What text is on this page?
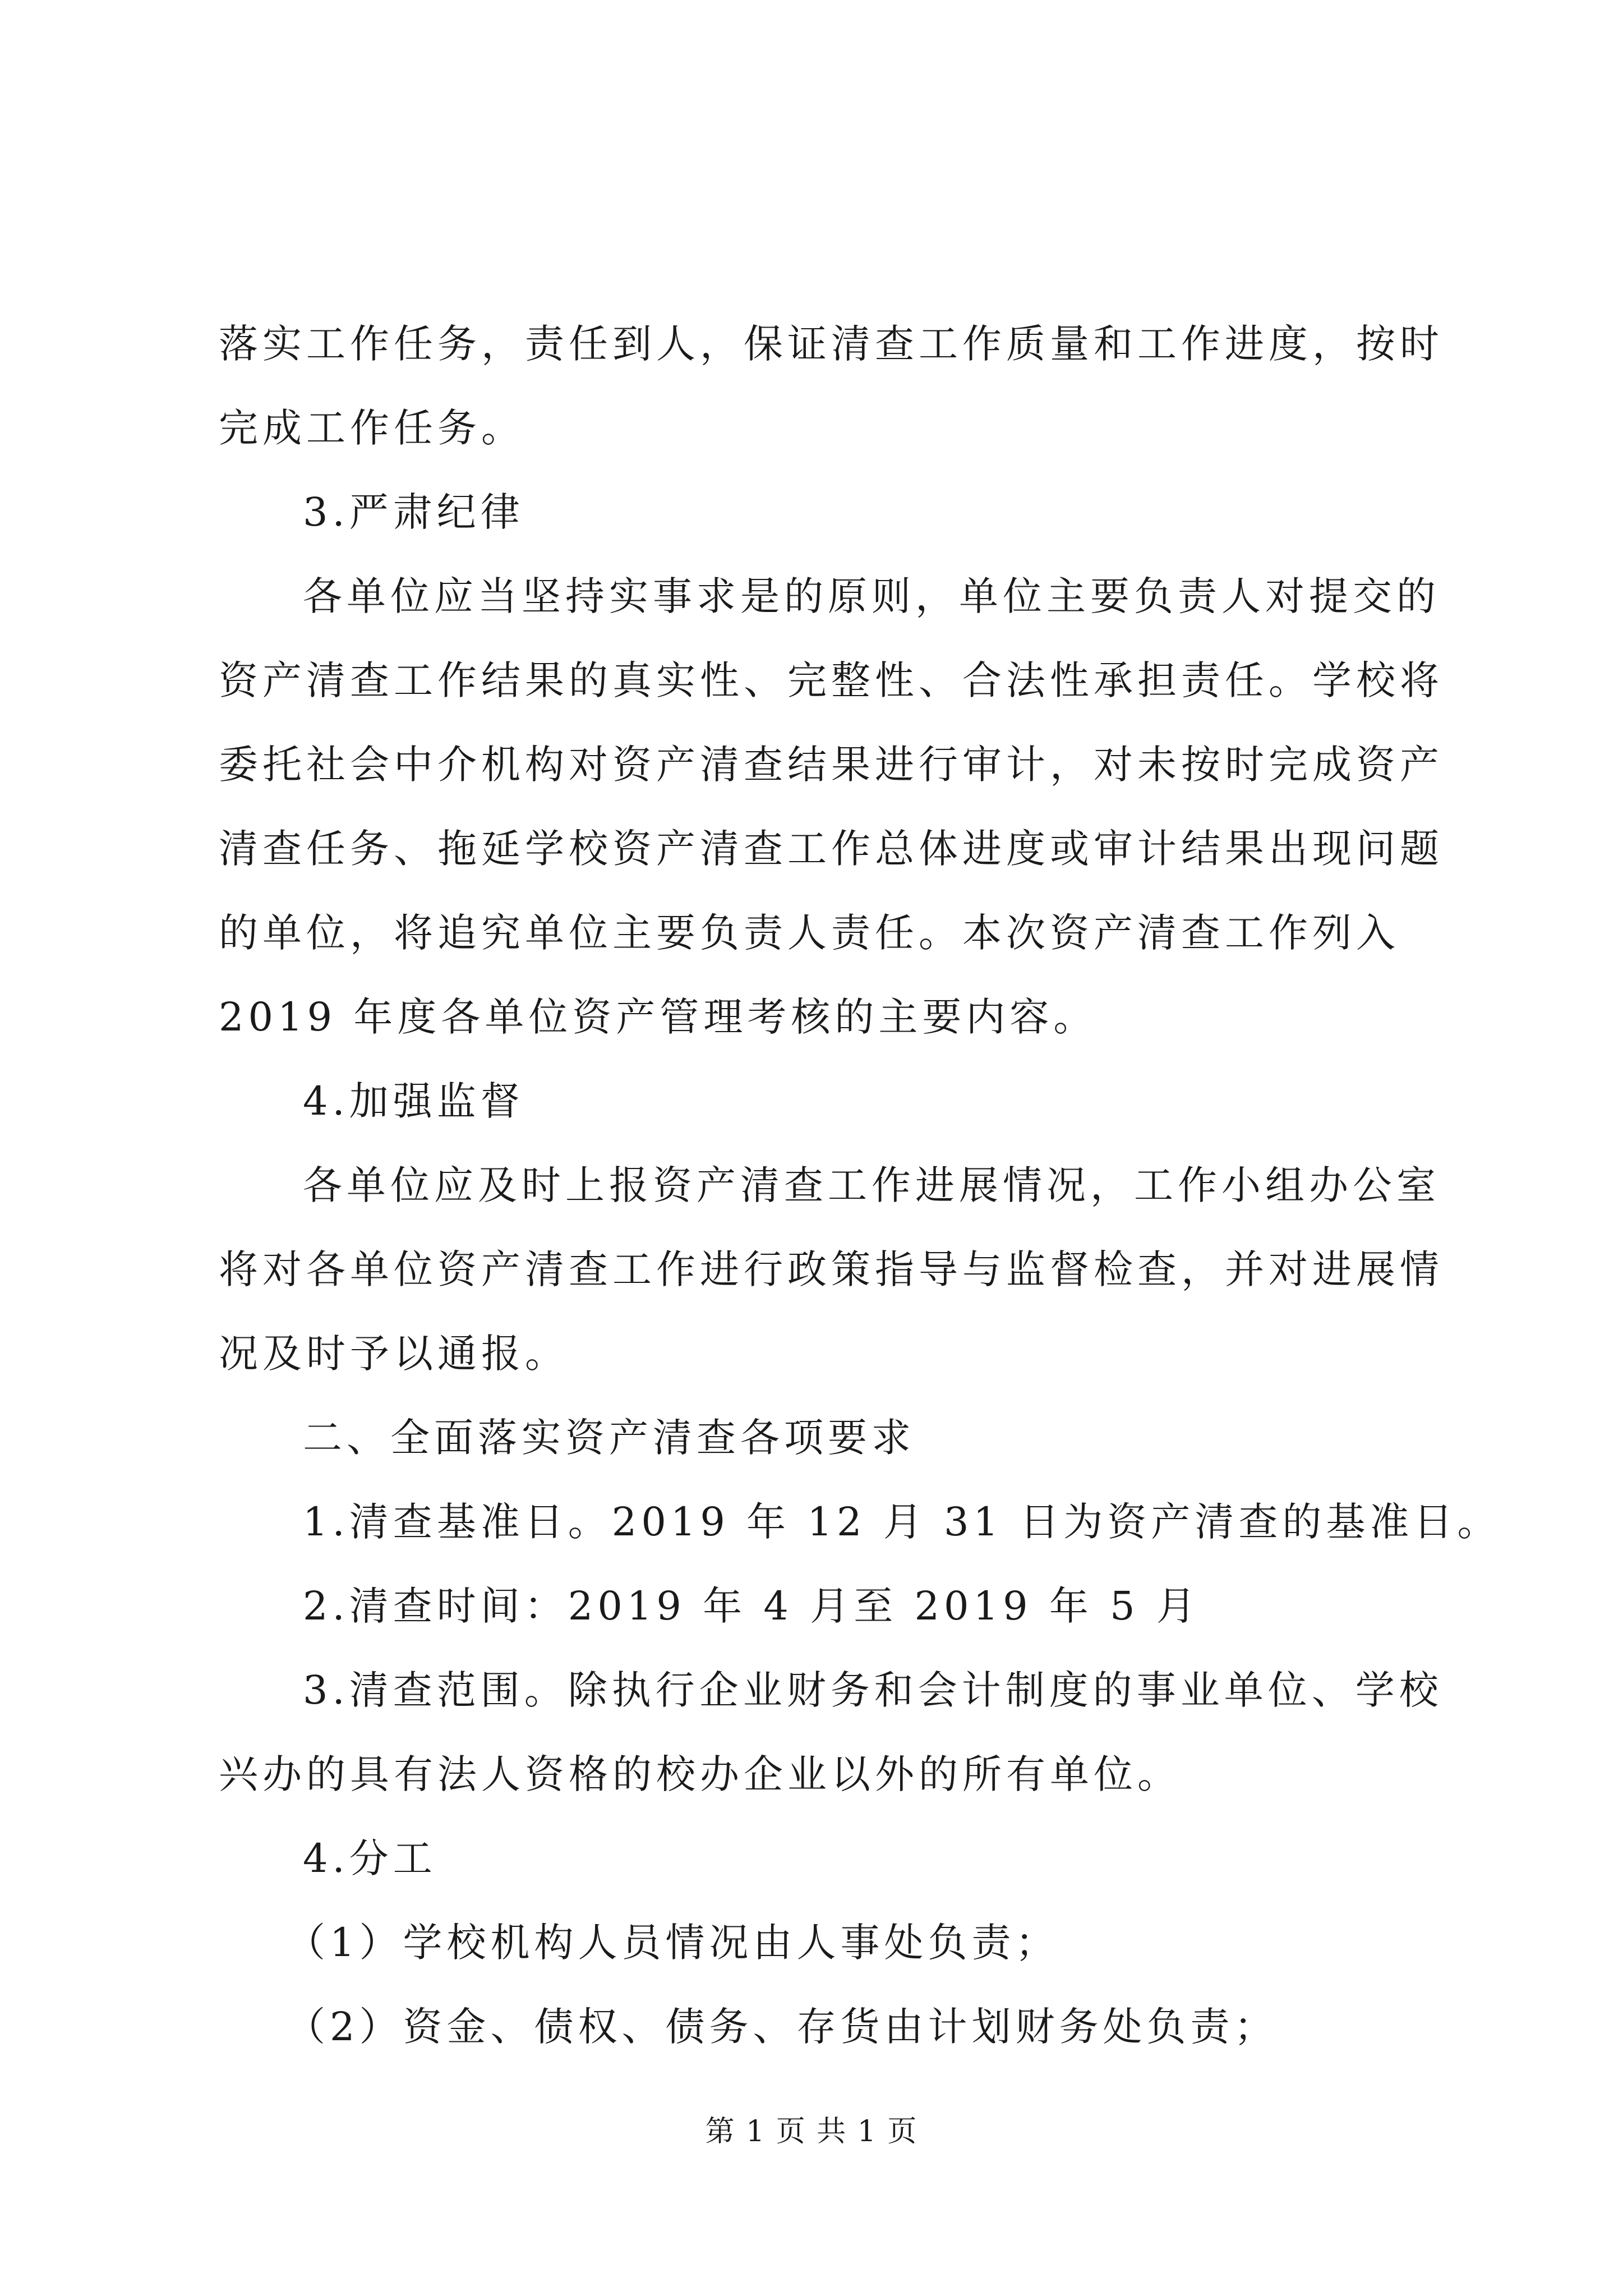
落实工作任务，责任到人，保证清查工作质量和工作进度，按时
完成工作任务。
3.严肃纪律
各单位应当坚持实事求是的原则，单位主要负责人对提交的
资产清查工作结果的真实性、完整性、合法性承担责任。学校将
委托社会中介机构对资产清查结果进行审计，对未按时完成资产
清查任务、拖延学校资产清查工作总体进度或审计结果出现问题
的单位，将追究单位主要负责人责任。本次资产清查工作列入
2019 年度各单位资产管理考核的主要内容。
4.加强监督
各单位应及时上报资产清查工作进展情况，工作小组办公室
将对各单位资产清查工作进行政策指导与监督检查，并对进展情
况及时予以通报。
二、全面落实资产清查各项要求
1.清查基准日。2019 年 12 月 31 日为资产清查的基准日。
2.清查时间：2019 年 4 月至 2019 年 5 月
3.清查范围。除执行企业财务和会计制度的事业单位、学校
兴办的具有法人资格的校办企业以外的所有单位。
4.分工
（1）学校机构人员情况由人事处负责；
（2）资金、债权、债务、存货由计划财务处负责；
第 1 页 共 1 页
